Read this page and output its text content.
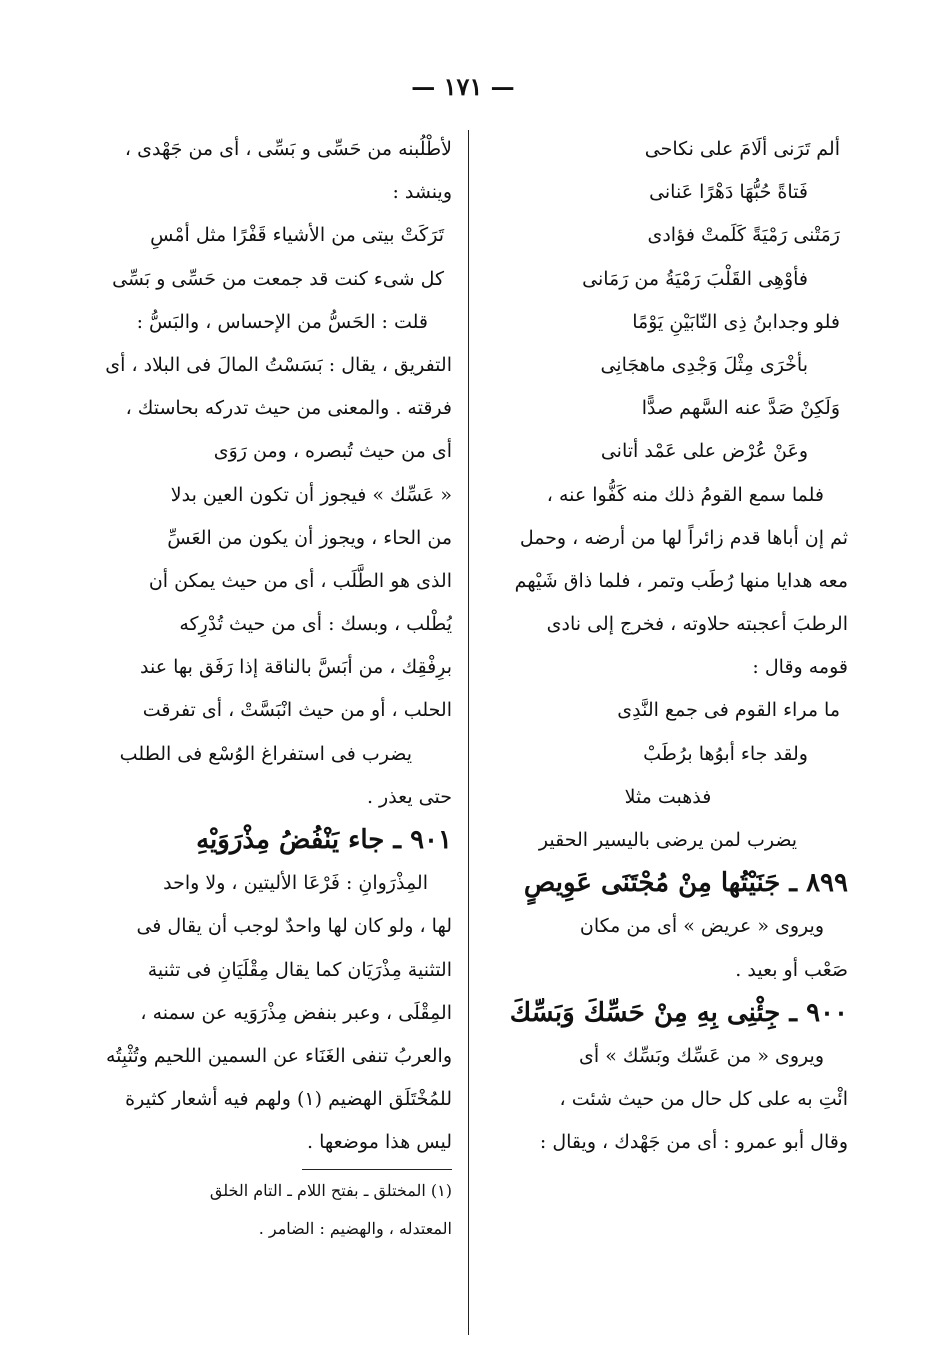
— ١٧١ —
ألم تَرَنى ألَامَ على نكاحى
فَتاةً حُبُّهَا دَهْرًا عَنانى
رَمَتْنى رَمْيَةً كَلَمتْ فؤادى
فأوْهِى القَلْبَ رَمْيَةُ من رَمَانى
فلو وجدابنُ ذِى النّابَيْنِ يَوْمًا
بأخْرَى مِثْلَ وَجْدِى ماهجَانِى
وَلَكِنْ صَدَّ عنه السَّهم صدًّا
وعَنْ عُرْض على عَمْد أتانى
فلما سمع القومُ ذلك منه كَفُّوا عنه ،
ثم إن أباها قدم زائراً لها من أرضه ، وحمل
معه هدايا منها رُطَب وتمر ، فلما ذاق شَيْهم
الرطبَ أعجبته حلاوته ، فخرج إلى نادى
قومه وقال :
ما مراء القوم فى جمع النَّدِى
ولقد جاء أبوُها برُطَبْ
فذهبت مثلا
يضرب لمن يرضى باليسير الحقير
٨٩٩ ـ جَنَيْتُها مِنْ مُجْتَنَى عَوِيصٍ
ويروى « عريض » أى من مكان
صَعْب أو بعيد .
٩٠٠ ـ جِئْنِى بِهِ مِنْ حَسِّكَ وَبَسِّكَ
ويروى « من عَسِّك وبَسِّك » أى
ائْتِ به على كل حال من حيث شئت ،
وقال أبو عمرو : أى من جَهْدك ، ويقال :
لأطْلُبنه من حَسِّى و بَسِّى ، أى من جَهْدى ،
وينشد :
تَرَكَتْ بيتى من الأشياء قَفْرًا مثل أمْسِ
كل شىء كنت قد جمعت من حَسِّى و بَسِّى
قلت : الحَسُّ من الإحساس ، والبَسُّ :
التفريق ، يقال : بَسَسْتُ المالَ فى البلاد ، أى
فرقته . والمعنى من حيث تدركه بحاستك ،
أى من حيث تُبصره ، ومن رَوَى
« عَسِّك » فيجوز أن تكون العين بدلا
من الحاء ، ويجوز أن يكون من العَسِّ
الذى هو الطَّلَب ، أى من حيث يمكن أن
يُطْلب ، وبسك : أى من حيث تُدْرِكه
برِفْقِك ، من أبَسَّ بالناقة إذا رَفَق بها عند
الحلب ، أو من حيث انْبَسَّتْ ، أى تفرقت
يضرب فى استفراغ الوُسْع فى الطلب
حتى يعذر .
٩٠١ ـ جاء يَنْفُضُ مِذْرَوَيْهِ
المِذْرَوانِ : فَرْعَا الأليتين ، ولا واحد
لها ، ولو كان لها واحدٌ لوجب أن يقال فى
التثنية مِذْرَيَان كما يقال مِقْلَيَانِ فى تثنية
المِقْلَى ، وعبر بنفض مِذْرَوَيه عن سمنه ،
والعربُ تنفى الغَنَاء عن السمين اللحيم وتُثْبِتُه
للمُخْتَلَق الهضيم (١) ولهم فيه أشعار كثيرة
ليس هذا موضعها .
(١) المختلق ـ بفتح اللام ـ التام الخلق
المعتدله ، والهضيم : الضامر .
